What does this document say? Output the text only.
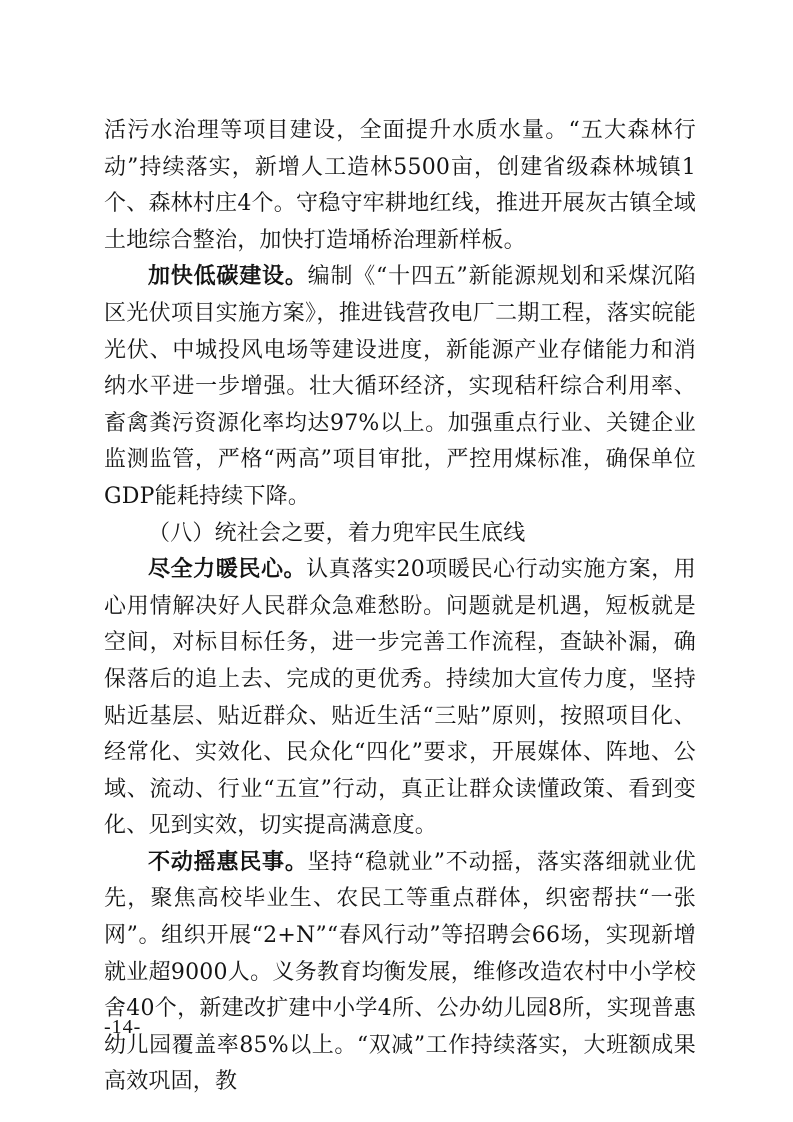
活污水治理等项目建设，全面提升水质水量。“五大森林行动”持续落实，新增人工造林5500亩，创建省级森林城镇1个、森林村庄4个。守稳守牢耕地红线，推进开展灰古镇全域土地综合整治，加快打造埇桥治理新样板。

加快低碳建设。编制《“十四五”新能源规划和采煤沉陷区光伏项目实施方案》，推进钱营孜电厂二期工程，落实皖能光伏、中城投风电场等建设进度，新能源产业存储能力和消纳水平进一步增强。壮大循环经济，实现秸秆综合利用率、畜禽粪污资源化率均达97%以上。加强重点行业、关键企业监测监管，严格“两高”项目审批，严控用煤标准，确保单位GDP能耗持续下降。

（八）统社会之要，着力兜牢民生底线

尽全力暖民心。认真落实20项暖民心行动实施方案，用心用情解决好人民群众急难愁盼。问题就是机遇，短板就是空间，对标目标任务，进一步完善工作流程，查缺补漏，确保落后的追上去、完成的更优秀。持续加大宣传力度，坚持贴近基层、贴近群众、贴近生活“三贴”原则，按照项目化、经常化、实效化、民众化“四化”要求，开展媒体、阵地、公域、流动、行业“五宣”行动，真正让群众读懂政策、看到变化、见到实效，切实提高满意度。

不动摇惠民事。坚持“稳就业”不动摇，落实落细就业优先，聚焦高校毕业生、农民工等重点群体，织密帮扶“一张网”。组织开展“2+N”“春风行动”等招聘会66场，实现新增就业超9000人。义务教育均衡发展，维修改造农村中小学校舍40个，新建改扩建中小学4所、公办幼儿园8所，实现普惠幼儿园覆盖率85%以上。“双减”工作持续落实，大班额成果高效巩固，教

-14-
